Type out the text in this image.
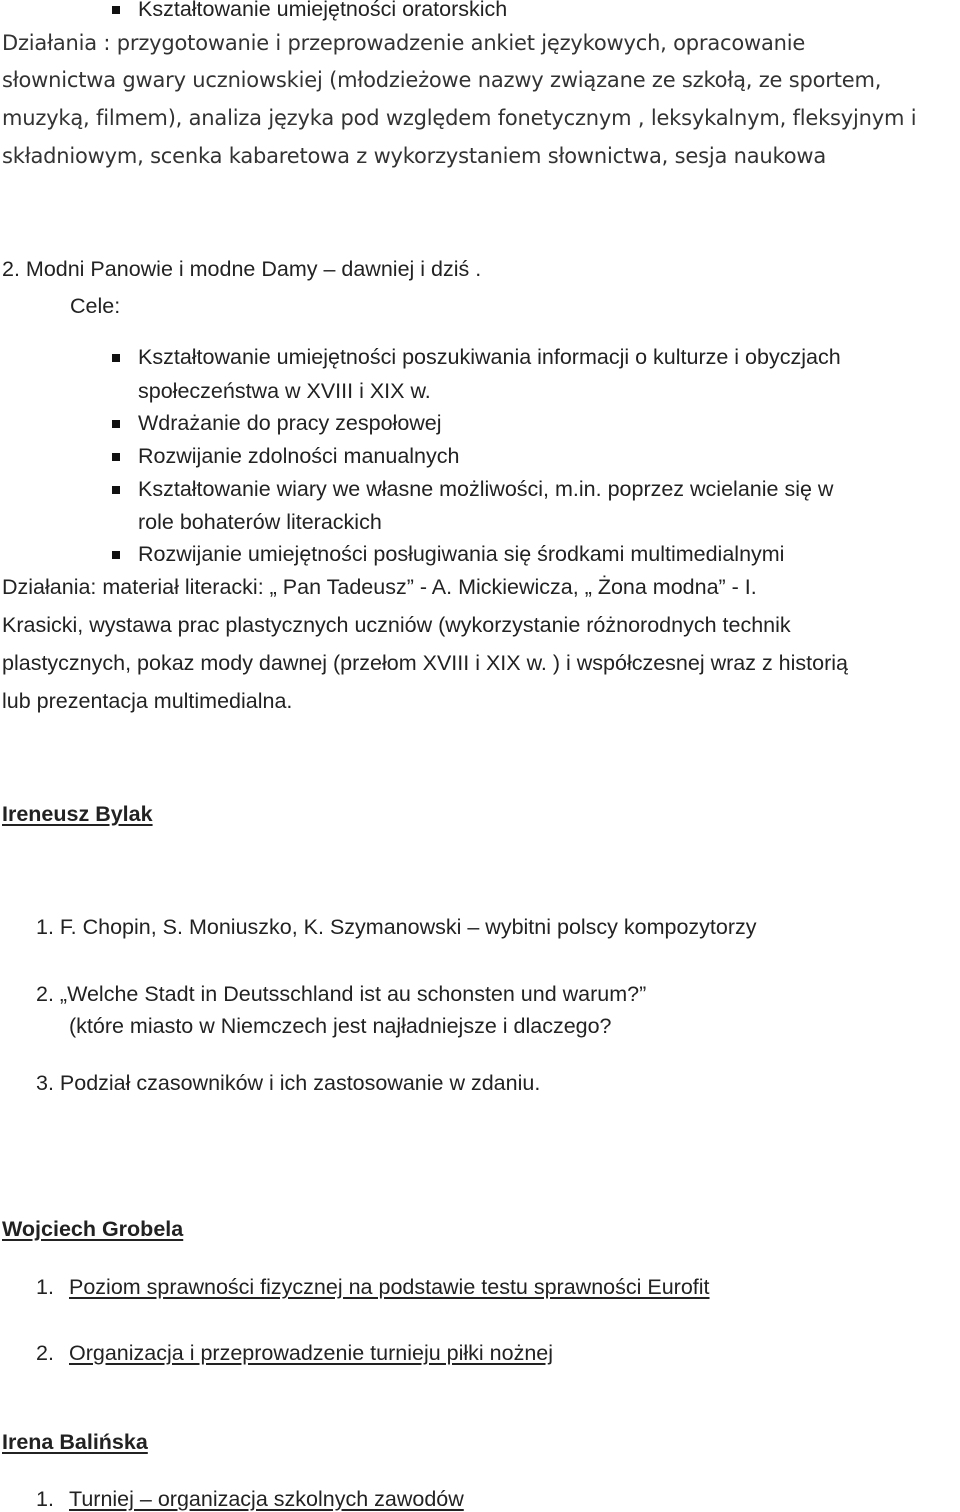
Kształtowanie umiejętności oratorskich
Działania : przygotowanie i przeprowadzenie ankiet językowych, opracowanie
słownictwa gwary uczniowskiej (młodzieżowe nazwy związane ze szkołą, ze sportem,
muzyką, filmem), analiza języka pod względem fonetycznym , leksykalnym, fleksyjnym i
składniowym, scenka kabaretowa z wykorzystaniem słownictwa, sesja naukowa
2. Modni Panowie i modne Damy – dawniej i dziś .
Cele:
Kształtowanie umiejętności poszukiwania informacji o kulturze i obyczjach
społeczeństwa w XVIII i XIX w.
Wdrażanie do pracy zespołowej
Rozwijanie zdolności manualnych
Kształtowanie wiary we własne możliwości, m.in. poprzez wcielanie się w
role bohaterów literackich
Rozwijanie umiejętności posługiwania się środkami multimedialnymi
Działania: materiał literacki: „ Pan Tadeusz” - A. Mickiewicza, „ Żona modna” - I.
Krasicki, wystawa prac plastycznych uczniów (wykorzystanie różnorodnych technik
plastycznych, pokaz mody dawnej (przełom XVIII i XIX w. ) i współczesnej wraz z historią
lub prezentacja multimedialna.
Ireneusz Bylak
1. F. Chopin, S. Moniuszko, K. Szymanowski – wybitni polscy kompozytorzy
2. „Welche Stadt in Deutsschland ist au schonsten und warum?”
(które miasto w Niemczech jest najładniejsze i dlaczego?
3. Podział czasowników i ich zastosowanie w zdaniu.
Wojciech Grobela
1. Poziom sprawności fizycznej na podstawie testu sprawności Eurofit
2. Organizacja i przeprowadzenie turnieju piłki nożnej
Irena Balińska
1. Turniej – organizacja szkolnych zawodów
